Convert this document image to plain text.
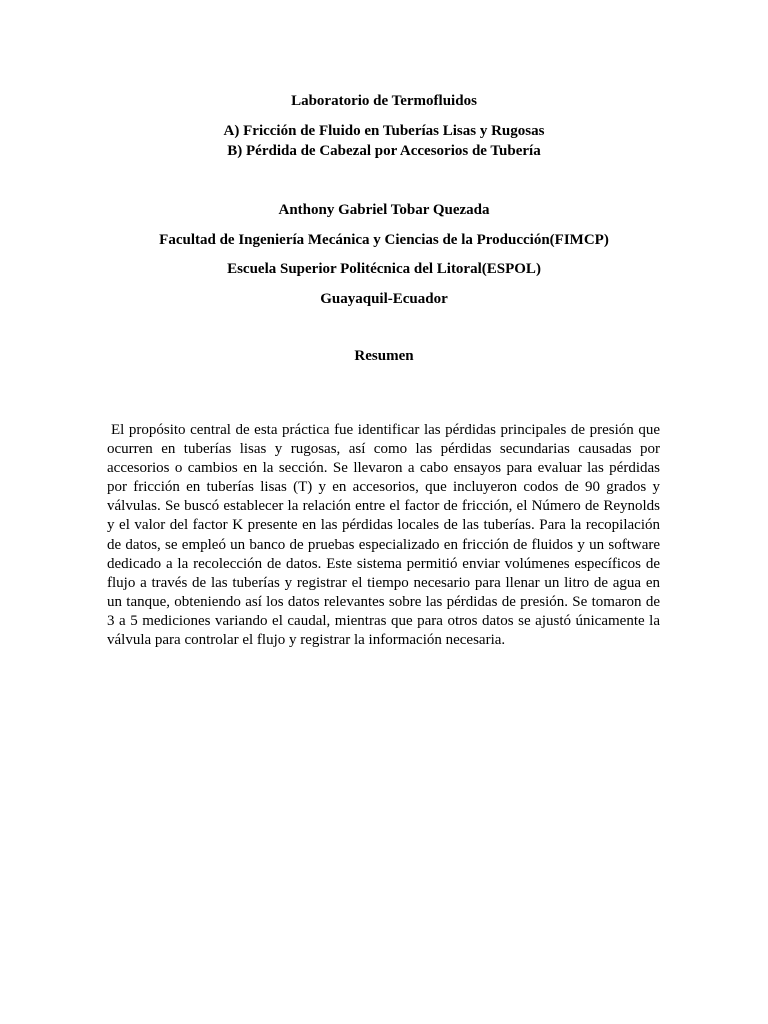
Laboratorio de Termofluidos
A) Fricción de Fluido en Tuberías Lisas y Rugosas
B) Pérdida de Cabezal por Accesorios de Tubería
Anthony Gabriel Tobar Quezada
Facultad de Ingeniería Mecánica y Ciencias de la Producción(FIMCP)
Escuela Superior Politécnica del Litoral(ESPOL)
Guayaquil-Ecuador
Resumen
El propósito central de esta práctica fue identificar las pérdidas principales de presión que ocurren en tuberías lisas y rugosas, así como las pérdidas secundarias causadas por accesorios o cambios en la sección. Se llevaron a cabo ensayos para evaluar las pérdidas por fricción en tuberías lisas (T) y en accesorios, que incluyeron codos de 90 grados y válvulas. Se buscó establecer la relación entre el factor de fricción, el Número de Reynolds y el valor del factor K presente en las pérdidas locales de las tuberías. Para la recopilación de datos, se empleó un banco de pruebas especializado en fricción de fluidos y un software dedicado a la recolección de datos. Este sistema permitió enviar volúmenes específicos de flujo a través de las tuberías y registrar el tiempo necesario para llenar un litro de agua en un tanque, obteniendo así los datos relevantes sobre las pérdidas de presión. Se tomaron de 3 a 5 mediciones variando el caudal, mientras que para otros datos se ajustó únicamente la válvula para controlar el flujo y registrar la información necesaria.
